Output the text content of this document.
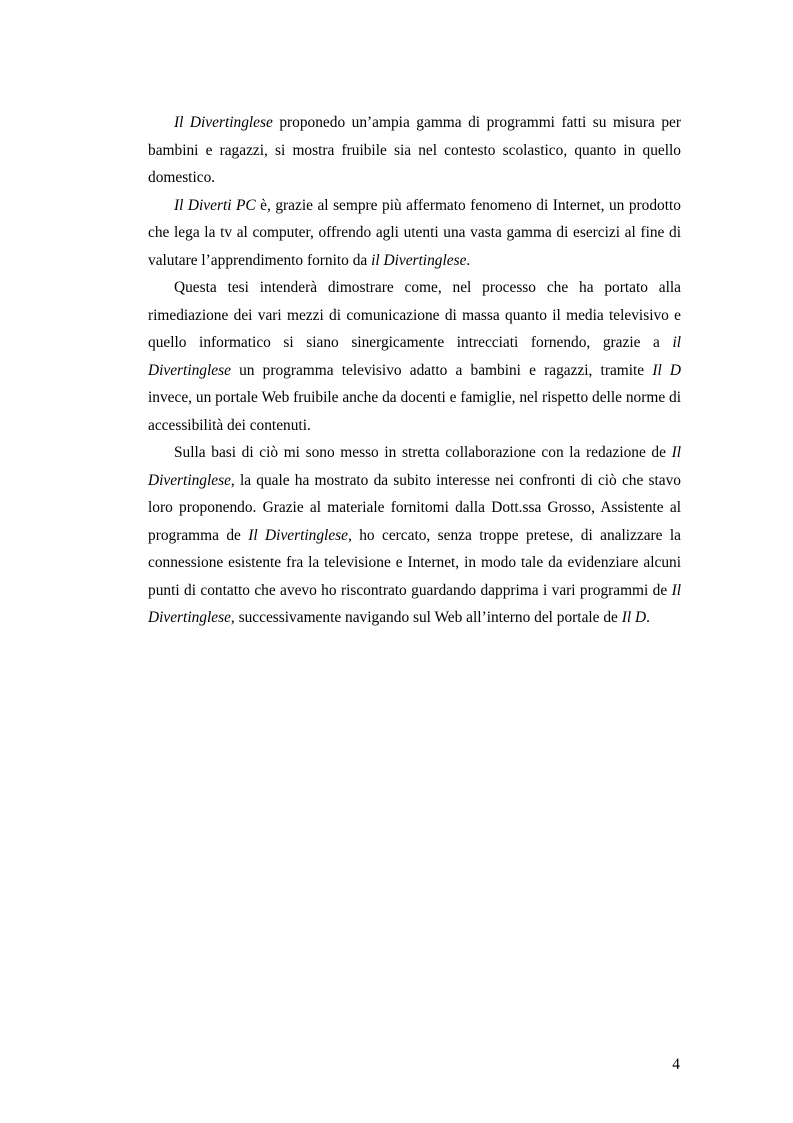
Il Divertinglese proponedo un’ampia gamma di programmi fatti su misura per bambini e ragazzi, si mostra fruibile sia nel contesto scolastico, quanto in quello domestico.

Il Diverti PC è, grazie al sempre più affermato fenomeno di Internet, un prodotto che lega la tv al computer, offrendo agli utenti una vasta gamma di esercizi al fine di valutare l’apprendimento fornito da il Divertinglese.

Questa tesi intenderà dimostrare come, nel processo che ha portato alla rimediazione dei vari mezzi di comunicazione di massa quanto il media televisivo e quello informatico si siano sinergicamente intrecciati fornendo, grazie a il Divertinglese un programma televisivo adatto a bambini e ragazzi, tramite Il D invece, un portale Web fruibile anche da docenti e famiglie, nel rispetto delle norme di accessibilità dei contenuti.

Sulla basi di ciò mi sono messo in stretta collaborazione con la redazione de Il Divertinglese, la quale ha mostrato da subito interesse nei confronti di ciò che stavo loro proponendo. Grazie al materiale fornitomi dalla Dott.ssa Grosso, Assistente al programma de Il Divertinglese, ho cercato, senza troppe pretese, di analizzare la connessione esistente fra la televisione e Internet, in modo tale da evidenziare alcuni punti di contatto che avevo ho riscontrato guardando dapprima i vari programmi de Il Divertinglese, successivamente navigando sul Web all’interno del portale de Il D.

4
